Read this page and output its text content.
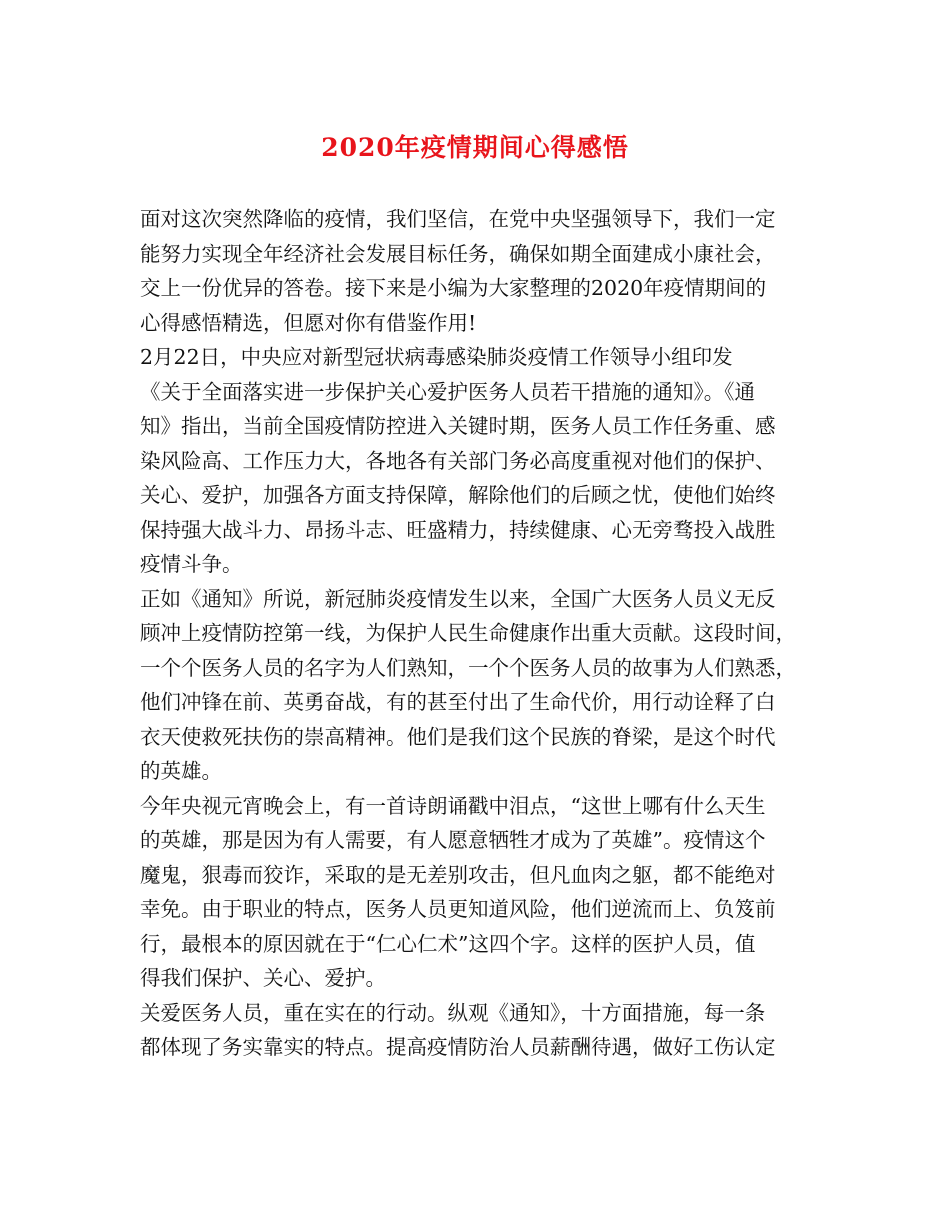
2020年疫情期间心得感悟
面对这次突然降临的疫情，我们坚信，在党中央坚强领导下，我们一定
能努力实现全年经济社会发展目标任务，确保如期全面建成小康社会，
交上一份优异的答卷。接下来是小编为大家整理的2020年疫情期间的
心得感悟精选，但愿对你有借鉴作用!
2月22日，中央应对新型冠状病毒感染肺炎疫情工作领导小组印发
《关于全面落实进一步保护关心爱护医务人员若干措施的通知》。《通
知》指出，当前全国疫情防控进入关键时期，医务人员工作任务重、感
染风险高、工作压力大，各地各有关部门务必高度重视对他们的保护、
关心、爱护，加强各方面支持保障，解除他们的后顾之忧，使他们始终
保持强大战斗力、昂扬斗志、旺盛精力，持续健康、心无旁骛投入战胜
疫情斗争。
正如《通知》所说，新冠肺炎疫情发生以来，全国广大医务人员义无反
顾冲上疫情防控第一线，为保护人民生命健康作出重大贡献。这段时间，
一个个医务人员的名字为人们熟知，一个个医务人员的故事为人们熟悉，
他们冲锋在前、英勇奋战，有的甚至付出了生命代价，用行动诠释了白
衣天使救死扶伤的崇高精神。他们是我们这个民族的脊梁，是这个时代
的英雄。
今年央视元宵晚会上，有一首诗朗诵戳中泪点，“这世上哪有什么天生
的英雄，那是因为有人需要，有人愿意牺牲才成为了英雄”。疫情这个
魔鬼，狠毒而狡诈，采取的是无差别攻击，但凡血肉之躯，都不能绝对
幸免。由于职业的特点，医务人员更知道风险，他们逆流而上、负笈前
行，最根本的原因就在于“仁心仁术”这四个字。这样的医护人员，值
得我们保护、关心、爱护。
关爱医务人员，重在实在的行动。纵观《通知》，十方面措施，每一条
都体现了务实靠实的特点。提高疫情防治人员薪酬待遇，做好工伤认定
